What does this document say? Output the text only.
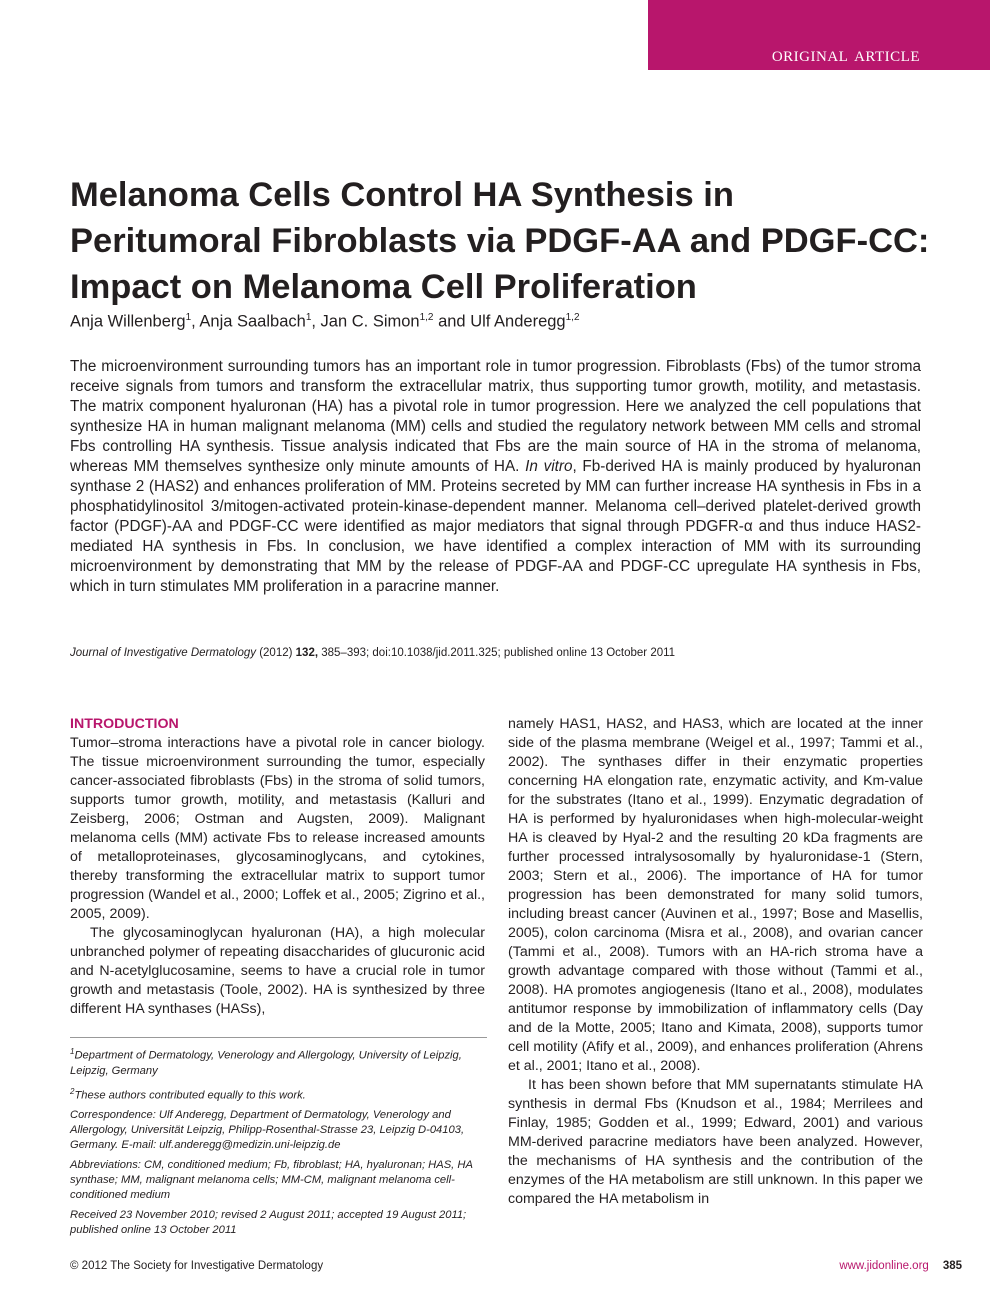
original article
Melanoma Cells Control HA Synthesis in Peritumoral Fibroblasts via PDGF-AA and PDGF-CC: Impact on Melanoma Cell Proliferation
Anja Willenberg$^1$, Anja Saalbach$^1$, Jan C. Simon$^{1,2}$ and Ulf Anderegg$^{1,2}$

The microenvironment surrounding tumors has an important role in tumor progression. Fibroblasts (Fbs) of the tumor stroma receive signals from tumors and transform the extracellular matrix, thus supporting tumor growth, motility, and metastasis. The matrix component hyaluronan (HA) has a pivotal role in tumor progression. Here we analyzed the cell populations that synthesize HA in human malignant melanoma (MM) cells and studied the regulatory network between MM cells and stromal Fbs controlling HA synthesis. Tissue analysis indicated that Fbs are the main source of HA in the stroma of melanoma, whereas MM themselves synthesize only minute amounts of HA. In vitro, Fb-derived HA is mainly produced by hyaluronan synthase 2 (HAS2) and enhances proliferation of MM. Proteins secreted by MM can further increase HA synthesis in Fbs in a phosphatidylinositol 3/mitogen-activated protein-kinase-dependent manner. Melanoma cell–derived platelet-derived growth factor (PDGF)-AA and PDGF-CC were identified as major mediators that signal through PDGFR-α and thus induce HAS2-mediated HA synthesis in Fbs. In conclusion, we have identified a complex interaction of MM with its surrounding microenvironment by demonstrating that MM by the release of PDGF-AA and PDGF-CC upregulate HA synthesis in Fbs, which in turn stimulates MM proliferation in a paracrine manner.

Journal of Investigative Dermatology (2012) 132, 385–393; doi:10.1038/jid.2011.325; published online 13 October 2011
INTRODUCTION

Tumor–stroma interactions have a pivotal role in cancer biology. The tissue microenvironment surrounding the tumor, especially cancer-associated fibroblasts (Fbs) in the stroma of solid tumors, supports tumor growth, motility, and metastasis (Kalluri and Zeisberg, 2006; Ostman and Augsten, 2009). Malignant melanoma cells (MM) activate Fbs to release increased amounts of metalloproteinases, glycosaminoglycans, and cytokines, thereby transforming the extracellular matrix to support tumor progression (Wandel et al., 2000; Loffek et al., 2005; Zigrino et al., 2005, 2009).

The glycosaminoglycan hyaluronan (HA), a high molecular unbranched polymer of repeating disaccharides of glucuronic acid and N-acetylglucosamine, seems to have a crucial role in tumor growth and metastasis (Toole, 2002). HA is synthesized by three different HA synthases (HASs),

namely HAS1, HAS2, and HAS3, which are located at the inner side of the plasma membrane (Weigel et al., 1997; Tammi et al., 2002). The synthases differ in their enzymatic properties concerning HA elongation rate, enzymatic activity, and Km-value for the substrates (Itano et al., 1999). Enzymatic degradation of HA is performed by hyaluronidases when high-molecular-weight HA is cleaved by Hyal-2 and the resulting 20 kDa fragments are further processed intralysosomally by hyaluronidase-1 (Stern, 2003; Stern et al., 2006). The importance of HA for tumor progression has been demonstrated for many solid tumors, including breast cancer (Auvinen et al., 1997; Bose and Masellis, 2005), colon carcinoma (Misra et al., 2008), and ovarian cancer (Tammi et al., 2008). Tumors with an HA-rich stroma have a growth advantage compared with those without (Tammi et al., 2008). HA promotes angiogenesis (Itano et al., 2008), modulates antitumor response by immobilization of inflammatory cells (Day and de la Motte, 2005; Itano and Kimata, 2008), supports tumor cell motility (Afify et al., 2009), and enhances proliferation (Ahrens et al., 2001; Itano et al., 2008).

It has been shown before that MM supernatants stimulate HA synthesis in dermal Fbs (Knudson et al., 1984; Merrilees and Finlay, 1985; Godden et al., 1999; Edward, 2001) and various MM-derived paracrine mediators have been analyzed. However, the mechanisms of HA synthesis and the contribution of the enzymes of the HA metabolism are still unknown. In this paper we compared the HA metabolism in

$^1$Department of Dermatology, Venerology and Allergology, University of Leipzig, Leipzig, Germany

$^2$These authors contributed equally to this work.

Correspondence: Ulf Anderegg, Department of Dermatology, Venerology and Allergology, Universität Leipzig, Philipp-Rosenthal-Strasse 23, Leipzig D-04103, Germany. E-mail: ulf.anderegg@medizin.uni-leipzig.de

Abbreviations: CM, conditioned medium; Fb, fibroblast; HA, hyaluronan; HAS, HA synthase; MM, malignant melanoma cells; MM-CM, malignant melanoma cell-conditioned medium

Received 23 November 2010; revised 2 August 2011; accepted 19 August 2011; published online 13 October 2011

© 2012 The Society for Investigative Dermatology	www.jidonline.org 385
